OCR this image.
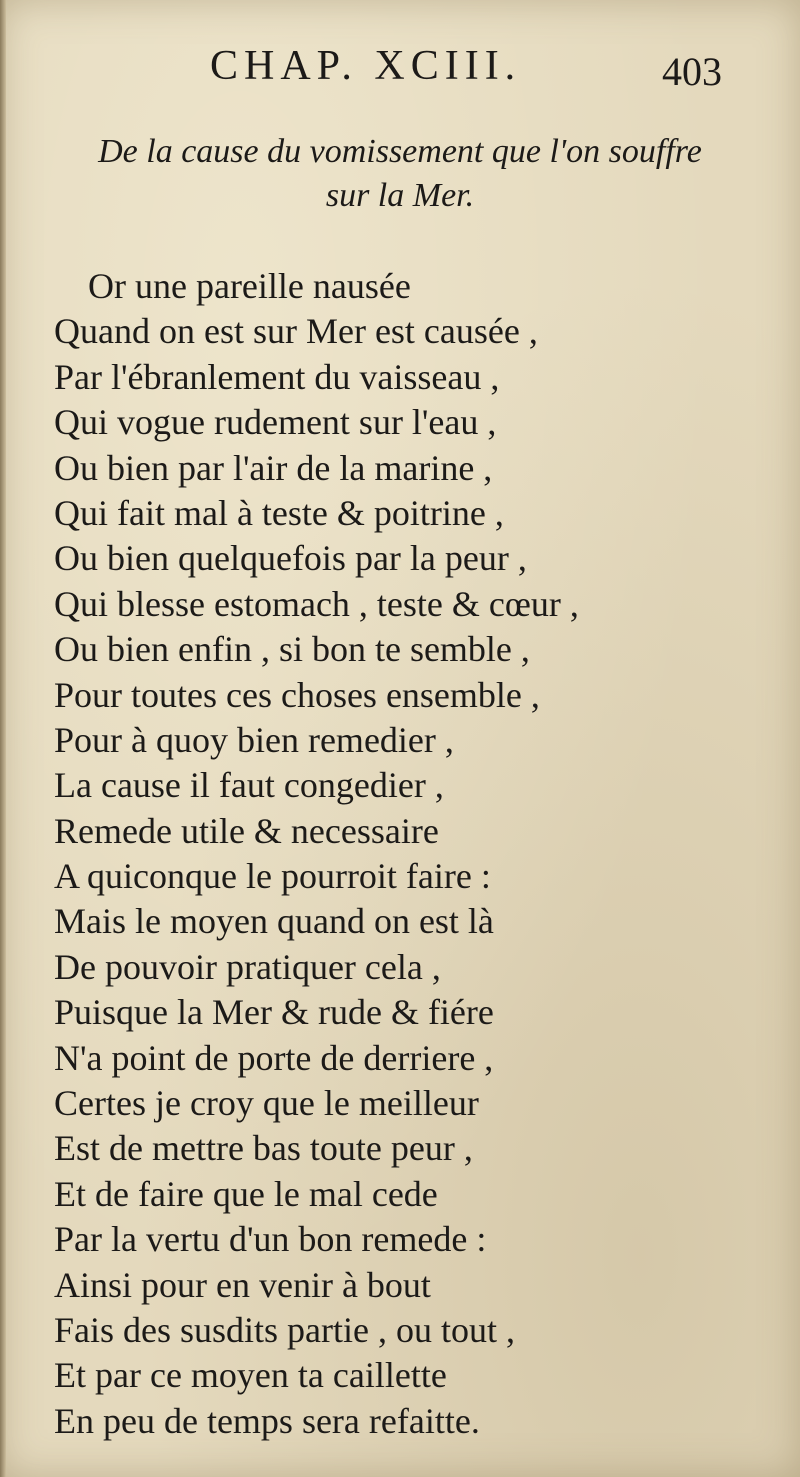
CHAP. XCIII.	403
De la cause du vomissement que l'on souffre
sur la Mer.
Or une pareille nausée
Quand on est sur Mer est causée ,
Par l'ébranlement du vaisseau ,
Qui vogue rudement sur l'eau ,
Ou bien par l'air de la marine ,
Qui fait mal à teste & poitrine ,
Ou bien quelquefois par la peur ,
Qui blesse estomach , teste & cœur ,
Ou bien enfin , si bon te semble ,
Pour toutes ces choses ensemble ,
Pour à quoy bien remedier ,
La cause il faut congedier ,
Remede utile & necessaire
A quiconque le pourroit faire :
Mais le moyen quand on est là
De pouvoir pratiquer cela ,
Puisque la Mer & rude & fiére
N'a point de porte de derriere ,
Certes je croy que le meilleur
Est de mettre bas toute peur ,
Et de faire que le mal cede
Par la vertu d'un bon remede :
Ainsi pour en venir à bout
Fais des susdits partie , ou tout ,
Et par ce moyen ta caillette
En peu de temps sera refaitte.
